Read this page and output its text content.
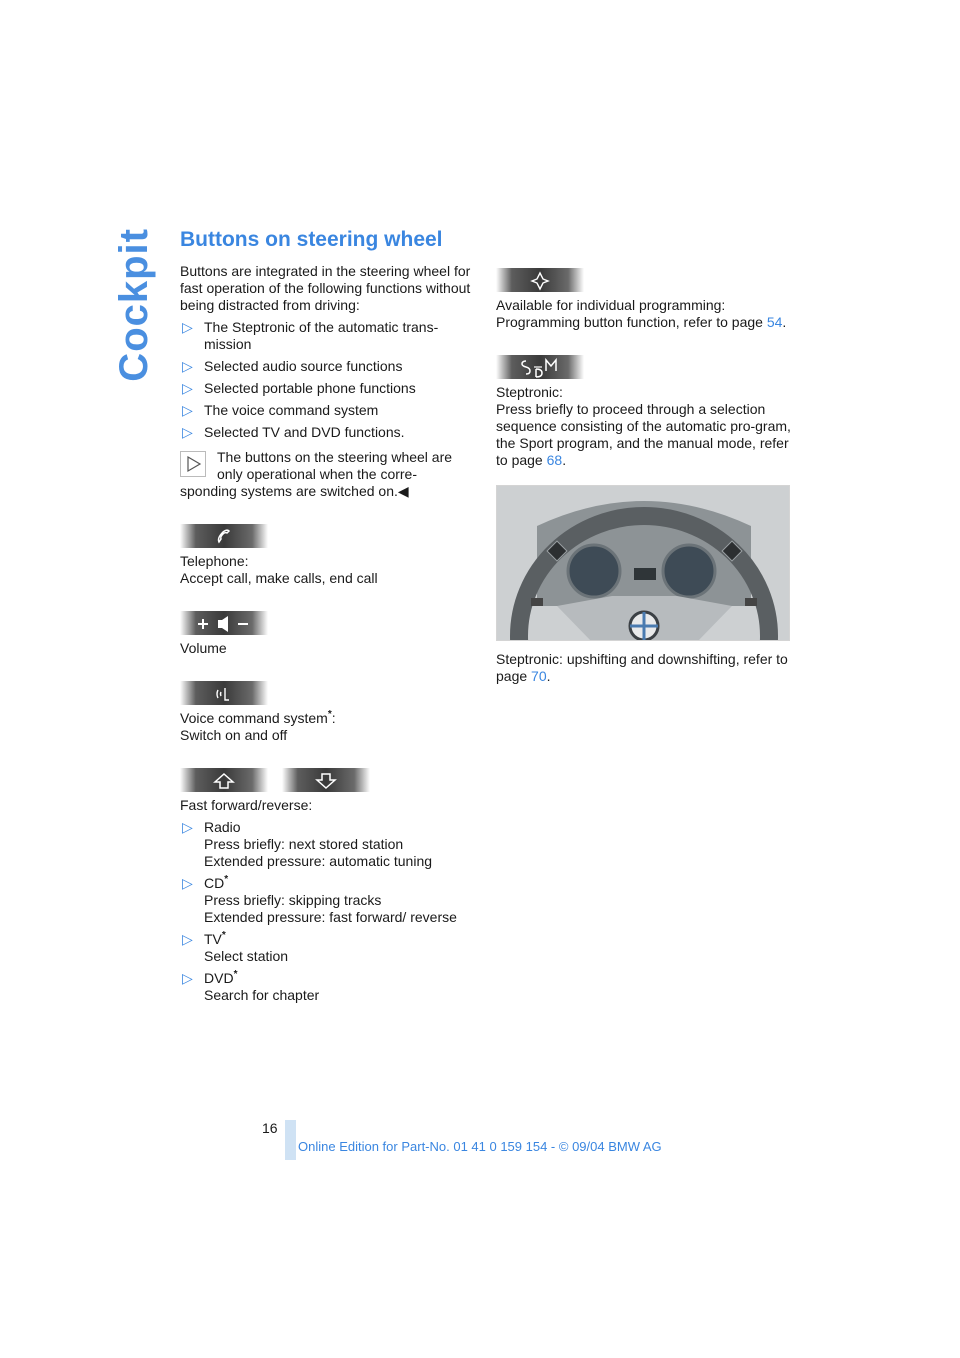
Cockpit Buttons on steering wheel

Buttons are integrated in the steering wheel for fast operation of the following functions without being distracted from driving:

▷ The Steptronic of the automatic trans-mission
▷ Selected audio source functions
▷ Selected portable phone functions
▷ The voice command system
▷ Selected TV and DVD functions.

The buttons on the steering wheel are only operational when the corre-

sponding systems are switched on.◀

Telephone:

Accept call, make calls, end call

Volume

Voice command system*:

Switch on and off

Fast forward/reverse:

▷ Radio
Press briefly: next stored station
Extended pressure: automatic tuning
▷ CD*
Press briefly: skipping tracks
Extended pressure: fast forward/ reverse
▷ TV*
Select station
▷ DVD*
Search for chapter

Available for individual programming:

Programming button function, refer to page 54.

Steptronic:

Press briefly to proceed through a selection sequence consisting of the automatic pro-gram, the Sport program, and the manual mode, refer to page 68.

Steptronic: upshifting and downshifting, refer to page 70.

16
Online Edition for Part-No. 01 41 0 159 154 - © 09/04 BMW AG
